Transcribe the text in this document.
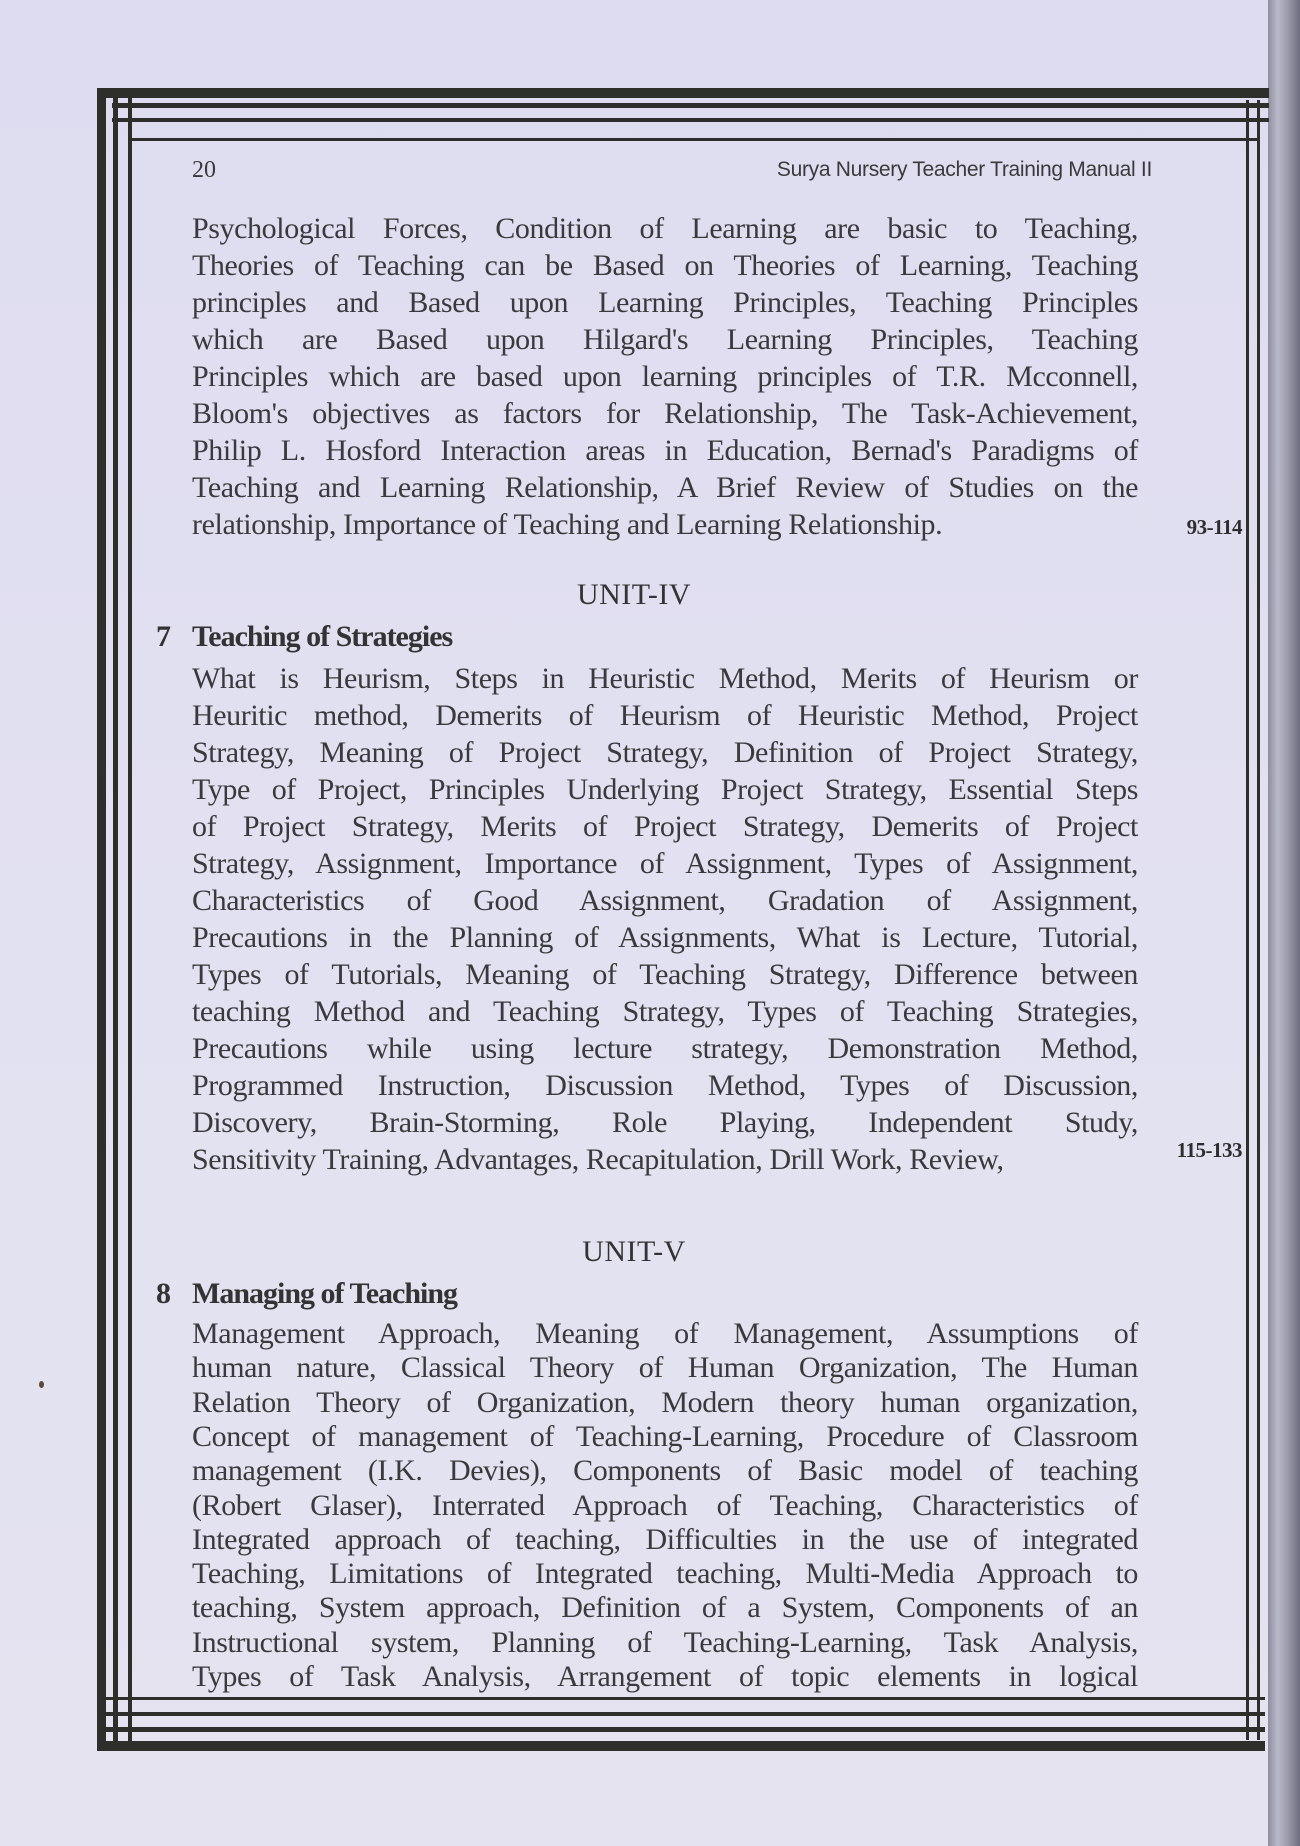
20	Surya Nursery Teacher Training Manual II
Psychological Forces, Condition of Learning are basic to Teaching,
Theories of Teaching can be Based on Theories of Learning, Teaching
principles and Based upon Learning Principles, Teaching Principles
which are Based upon Hilgard's Learning Principles, Teaching
Principles which are based upon learning principles of T.R. Mcconnell,
Bloom's objectives as factors for Relationship, The Task-Achievement,
Philip L. Hosford Interaction areas in Education, Bernad's Paradigms of
Teaching and Learning Relationship, A Brief Review of Studies on the
relationship, Importance of Teaching and Learning Relationship.	93-114
UNIT-IV
7 Teaching of Strategies
What is Heurism, Steps in Heuristic Method, Merits of Heurism or
Heuritic method, Demerits of Heurism of Heuristic Method, Project
Strategy, Meaning of Project Strategy, Definition of Project Strategy,
Type of Project, Principles Underlying Project Strategy, Essential Steps
of Project Strategy, Merits of Project Strategy, Demerits of Project
Strategy, Assignment, Importance of Assignment, Types of Assignment,
Characteristics of Good Assignment, Gradation of Assignment,
Precautions in the Planning of Assignments, What is Lecture, Tutorial,
Types of Tutorials, Meaning of Teaching Strategy, Difference between
teaching Method and Teaching Strategy, Types of Teaching Strategies,
Precautions while using lecture strategy, Demonstration Method,
Programmed Instruction, Discussion Method, Types of Discussion,
Discovery, Brain-Storming, Role Playing, Independent Study,
Sensitivity Training, Advantages, Recapitulation, Drill Work, Review,	115-133
UNIT-V
8 Managing of Teaching
Management Approach, Meaning of Management, Assumptions of
human nature, Classical Theory of Human Organization, The Human
Relation Theory of Organization, Modern theory human organization,
Concept of management of Teaching-Learning, Procedure of Classroom
management (I.K. Devies), Components of Basic model of teaching
(Robert Glaser), Interrated Approach of Teaching, Characteristics of
Integrated approach of teaching, Difficulties in the use of integrated
Teaching, Limitations of Integrated teaching, Multi-Media Approach to
teaching, System approach, Definition of a System, Components of an
Instructional system, Planning of Teaching-Learning, Task Analysis,
Types of Task Analysis, Arrangement of topic elements in logical
